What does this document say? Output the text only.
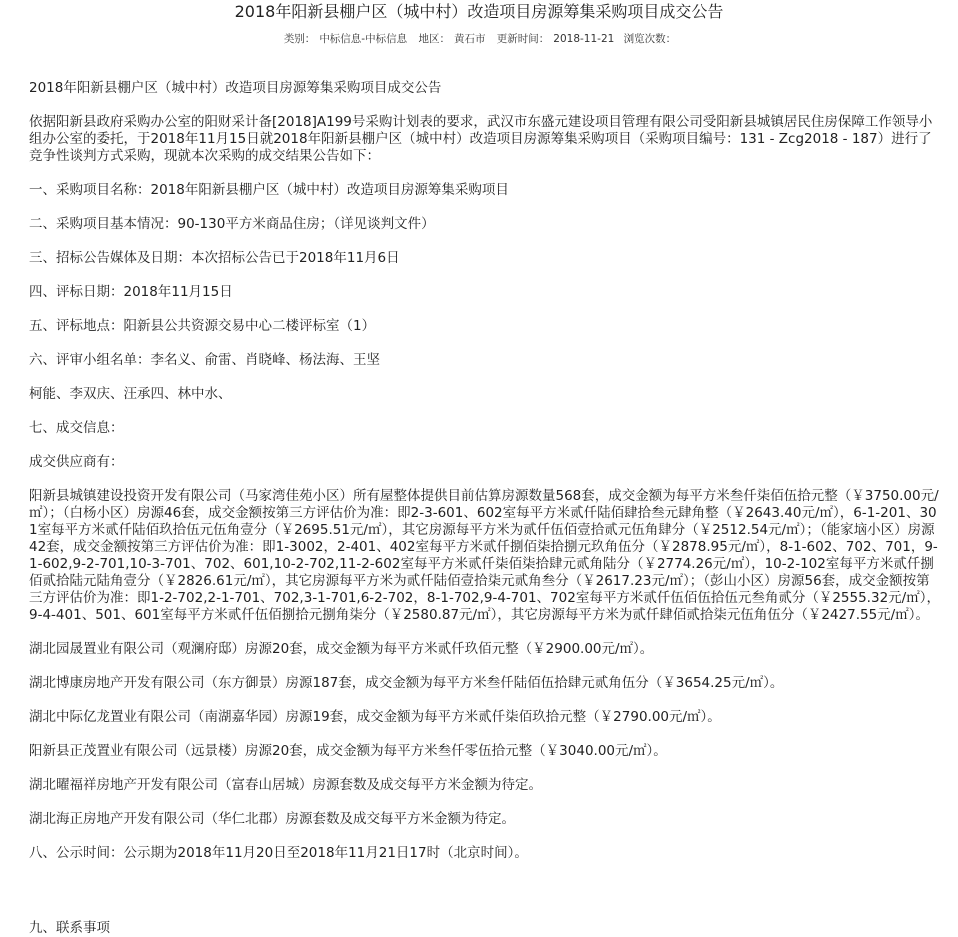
2018年阳新县棚户区（城中村）改造项目房源筹集采购项目成交公告
类别： 中标信息-中标信息 地区： 黄石市 更新时间： 2018-11-21 浏览次数：

2018年阳新县棚户区（城中村）改造项目房源筹集采购项目成交公告

依据阳新县政府采购办公室的阳财采计备[2018]A199号采购计划表的要求，武汉市东盛元建设项目管理有限公司受阳新县城镇居民住房保障工作领导小组办公室的委托，于2018年11月15日就2018年阳新县棚户区（城中村）改造项目房源筹集采购项目（采购项目编号：131 - Zcg2018 - 187）进行了竞争性谈判方式采购，现就本次采购的成交结果公告如下：

一、采购项目名称：2018年阳新县棚户区（城中村）改造项目房源筹集采购项目

二、采购项目基本情况：90-130平方米商品住房；（详见谈判文件）

三、招标公告媒体及日期：本次招标公告已于2018年11月6日

四、评标日期：2018年11月15日

五、评标地点：阳新县公共资源交易中心二楼评标室（1）

六、评审小组名单：李名义、俞雷、肖晓峰、杨法海、王坚

柯能、李双庆、汪承四、林中水、

七、成交信息：

成交供应商有：

阳新县城镇建设投资开发有限公司（马家湾佳苑小区）所有屋整体提供目前估算房源数量568套，成交金额为每平方米叁仟柒佰伍拾元整（￥3750.00元/㎡）；（白杨小区）房源46套，成交金额按第三方评估价为准：即2-3-601、602室每平方米贰仟陆佰肆拾叁元肆角整（￥2643.40元/㎡），6-1-201、301室每平方米贰仟陆佰玖拾伍元伍角壹分（￥2695.51元/㎡），其它房源每平方米为贰仟伍佰壹拾贰元伍角肆分（￥2512.54元/㎡）；（能家垴小区）房源42套，成交金额按第三方评估价为准：即1-3002，2-401、402室每平方米贰仟捌佰柒拾捌元玖角伍分（￥2878.95元/㎡），8-1-602、702、701，9-1-602,9-2-701,10-3-701、702、601,10-2-702,11-2-602室每平方米贰仟柒佰柒拾肆元贰角陆分（￥2774.26元/㎡），10-2-102室每平方米贰仟捌佰贰拾陆元陆角壹分（￥2826.61元/㎡），其它房源每平方米为贰仟陆佰壹拾柒元贰角叁分（￥2617.23元/㎡）；（彭山小区）房源56套，成交金额按第三方评估价为准：即1-2-702,2-1-701、702,3-1-701,6-2-702，8-1-702,9-4-701、702室每平方米贰仟伍佰伍拾伍元叁角贰分（￥2555.32元/㎡），9-4-401、501、601室每平方米贰仟伍佰捌拾元捌角柒分（￥2580.87元/㎡），其它房源每平方米为贰仟肆佰贰拾柒元伍角伍分（￥2427.55元/㎡）。

湖北园晟置业有限公司（观澜府邸）房源20套，成交金额为每平方米贰仟玖佰元整（￥2900.00元/㎡）。

湖北博康房地产开发有限公司（东方御景）房源187套，成交金额为每平方米叁仟陆佰伍拾肆元贰角伍分（￥3654.25元/㎡）。

湖北中际亿龙置业有限公司（南湖嘉华园）房源19套，成交金额为每平方米贰仟柒佰玖拾元整（￥2790.00元/㎡）。

阳新县正茂置业有限公司（远景楼）房源20套，成交金额为每平方米叁仟零伍拾元整（￥3040.00元/㎡）。

湖北曜福祥房地产开发有限公司（富春山居城）房源套数及成交每平方米金额为待定。

湖北海正房地产开发有限公司（华仁北郡）房源套数及成交每平方米金额为待定。

八、公示时间：公示期为2018年11月20日至2018年11月21日17时（北京时间）。

九、联系事项
